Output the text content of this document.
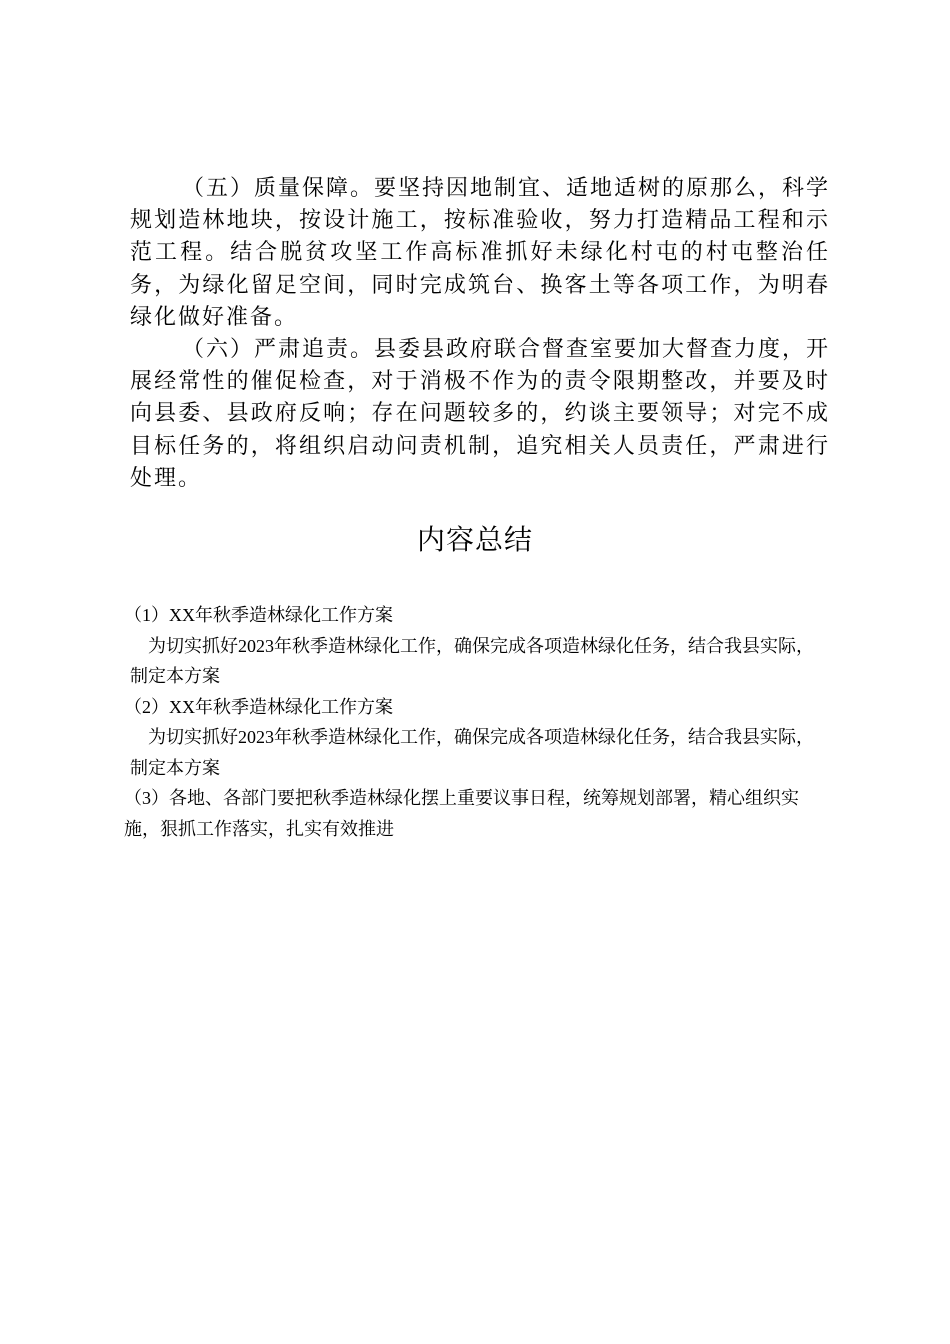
（五）质量保障。要坚持因地制宜、适地适树的原那么，科学规划造林地块，按设计施工，按标准验收，努力打造精品工程和示范工程。结合脱贫攻坚工作高标准抓好未绿化村屯的村屯整治任务，为绿化留足空间，同时完成筑台、换客土等各项工作，为明春绿化做好准备。

（六）严肃追责。县委县政府联合督查室要加大督查力度，开展经常性的催促检查，对于消极不作为的责令限期整改，并要及时向县委、县政府反响；存在问题较多的，约谈主要领导；对完不成目标任务的，将组织启动问责机制，追究相关人员责任，严肃进行处理。

内容总结

（1）XX年秋季造林绿化工作方案

为切实抓好2023年秋季造林绿化工作，确保完成各项造林绿化任务，结合我县实际，制定本方案

（2）XX年秋季造林绿化工作方案

为切实抓好2023年秋季造林绿化工作，确保完成各项造林绿化任务，结合我县实际，制定本方案

（3）各地、各部门要把秋季造林绿化摆上重要议事日程，统筹规划部署，精心组织实施，狠抓工作落实，扎实有效推进
